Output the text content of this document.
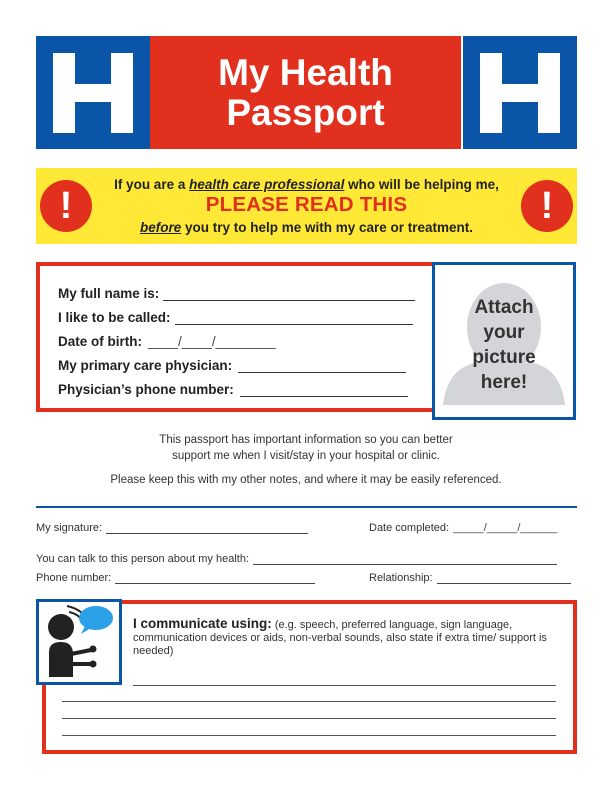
My Health
Passport
!	!
If you are a health care professional who will be helping me,
PLEASE READ THIS
before you try to help me with my care or treatment.
My full name is:
I like to be called:
Date of birth: ____/____/________
My primary care physician:
Physician’s phone number:
Attach
your
picture
here!
This passport has important information so you can better
support me when I visit/stay in your hospital or clinic.
Please keep this with my other notes, and where it may be easily referenced.
My signature:	Date completed: _____/_____/______
You can talk to this person about my health:
Phone number:	Relationship:
I communicate using: (e.g. speech, preferred language, sign language, communication devices or aids, non-verbal sounds, also state if extra time/ support is needed)
